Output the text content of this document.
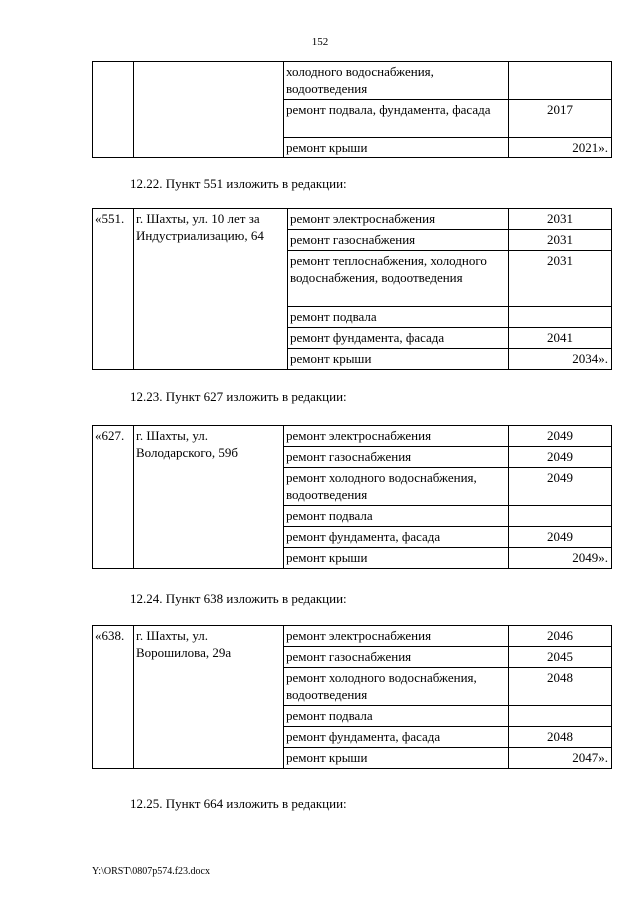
152
		холодного водоснабжения, водоотведения	
		ремонт подвала, фундамента, фасада	2017
		ремонт крыши	2021».
12.22. Пункт 551 изложить в редакции:
«551.	г. Шахты, ул. 10 лет за Индустриализацию, 64	ремонт электроснабжения	2031
		ремонт газоснабжения	2031
		ремонт теплоснабжения, холодного водоснабжения, водоотведения	2031
		ремонт подвала	
		ремонт фундамента, фасада	2041
		ремонт крыши	2034».
12.23. Пункт 627 изложить в редакции:
«627.	г. Шахты, ул. Володарского, 59б	ремонт электроснабжения	2049
		ремонт газоснабжения	2049
		ремонт холодного водоснабжения, водоотведения	2049
		ремонт подвала	
		ремонт фундамента, фасада	2049
		ремонт крыши	2049».
12.24. Пункт 638 изложить в редакции:
«638.	г. Шахты, ул. Ворошилова, 29а	ремонт электроснабжения	2046
		ремонт газоснабжения	2045
		ремонт холодного водоснабжения, водоотведения	2048
		ремонт подвала	
		ремонт фундамента, фасада	2048
		ремонт крыши	2047».
12.25. Пункт 664 изложить в редакции:
Y:\ORST\0807p574.f23.docx
